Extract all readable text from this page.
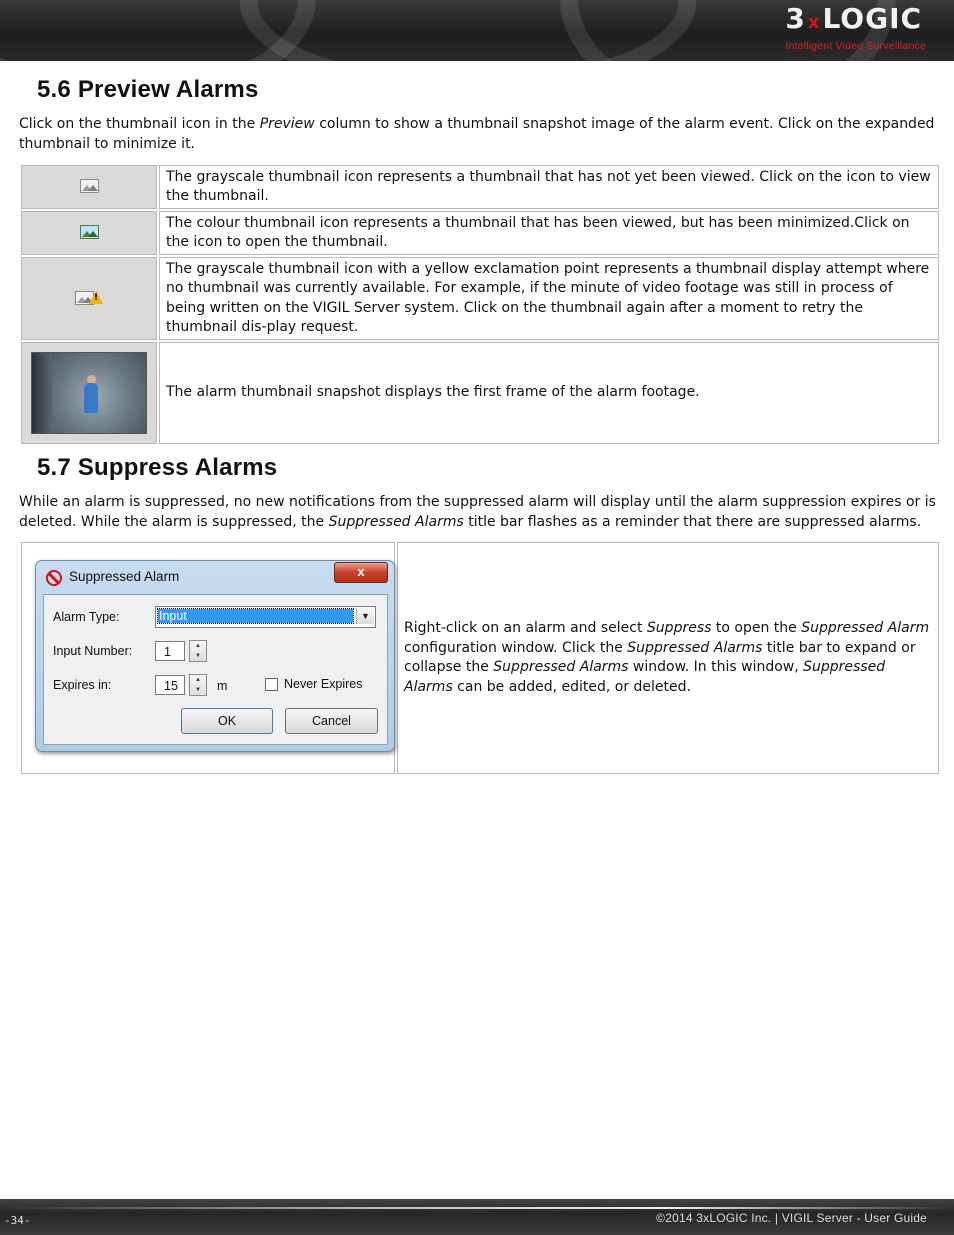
3 xLOGIC
Intelligent Video Surveillance
5.6 Preview Alarms

Click on the thumbnail icon in the Preview column to show a thumbnail snapshot image of the alarm event. Click on the expanded thumbnail to minimize it.

	The grayscale thumbnail icon represents a thumbnail that has not yet been viewed. Click on the icon to view the thumbnail.

	The colour thumbnail icon represents a thumbnail that has been viewed, but has been minimized.Click on the icon to open the thumbnail.

!	The grayscale thumbnail icon with a yellow exclamation point represents a thumbnail display attempt where no thumbnail was currently available. For example, if the minute of video footage was still in process of being written on the VIGIL Server system. Click on the thumbnail again after a moment to retry the thumbnail dis-play request.

	The alarm thumbnail snapshot displays the first frame of the alarm footage.
5.7 Suppress Alarms

While an alarm is suppressed, no new notifications from the suppressed alarm will display until the alarm suppression expires or is deleted. While the alarm is suppressed, the Suppressed Alarms title bar flashes as a reminder that there are suppressed alarms.

	Right-click on an alarm and select Suppress to open the Suppressed Alarm configuration window. Click the Suppressed Alarms title bar to expand or collapse the Suppressed Alarms window. In this window, Suppressed Alarms can be added, edited, or deleted.
Suppressed Alarm	x
Alarm Type:	Input	▼
Input Number:	1	▲
▼
Expires in:	15	▲
▼	m	Never Expires
OK	Cancel
-34-	©2014 3xLOGIC Inc. | VIGIL Server - User Guide
